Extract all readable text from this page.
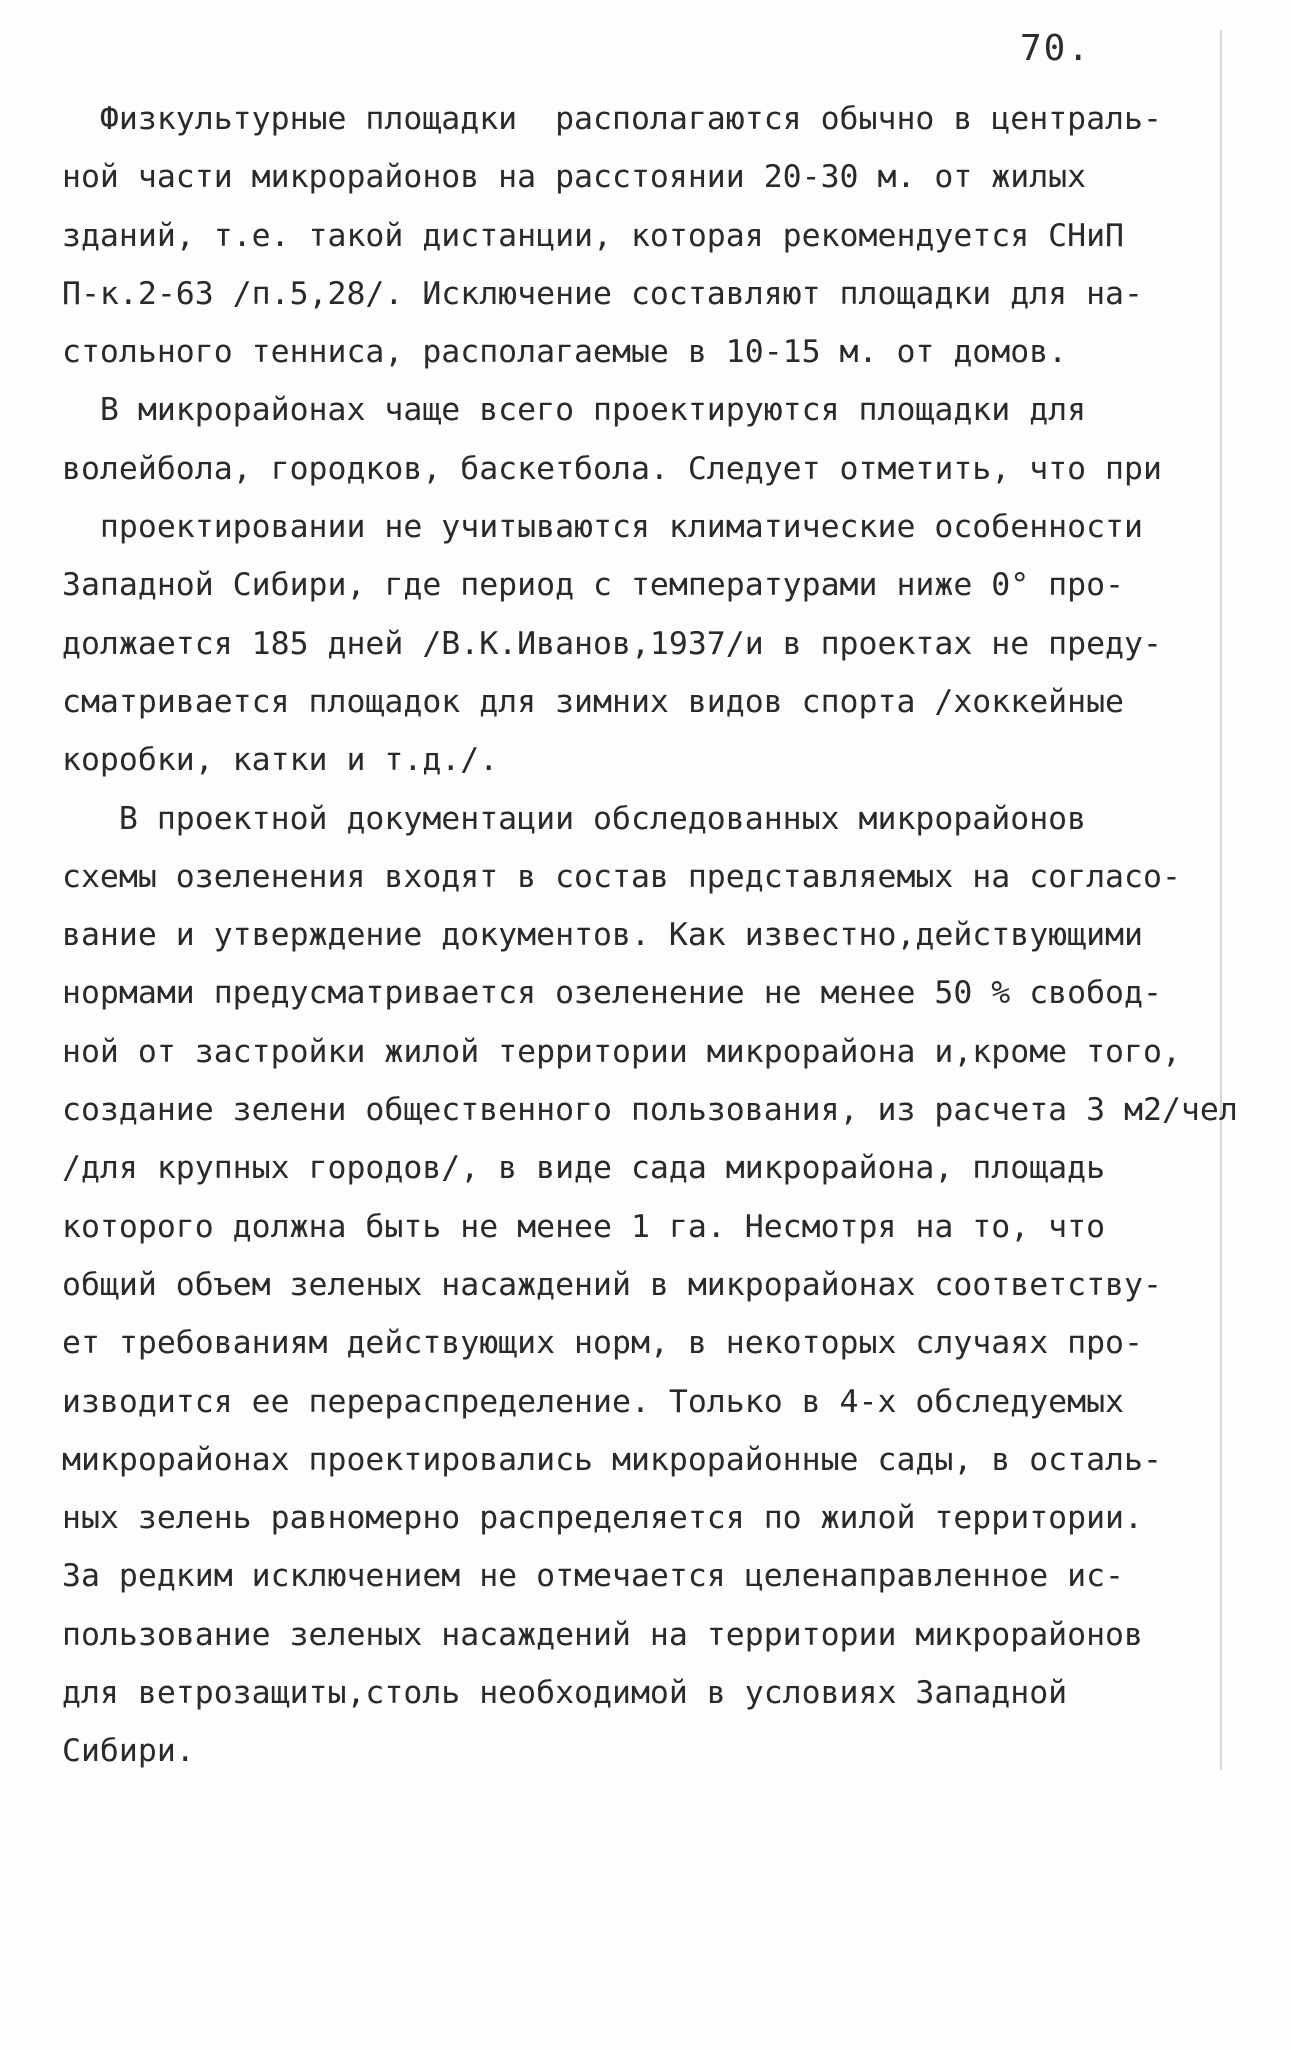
70.
Физкультурные площадки  располагаются обычно в централь-
ной части микрорайонов на расстоянии 20-30 м. от жилых
зданий, т.е. такой дистанции, которая рекомендуется СНиП
П-к.2-63 /п.5,28/. Исключение составляют площадки для на-
стольного тенниса, располагаемые в 10-15 м. от домов.
В микрорайонах чаще всего проектируются площадки для
волейбола, городков, баскетбола. Следует отметить, что при
проектировании не учитываются климатические особенности
Западной Сибири, где период с температурами ниже 0° про-
должается 185 дней /В.К.Иванов,1937/и в проектах не преду-
сматривается площадок для зимних видов спорта /хоккейные
коробки, катки и т.д./.
В проектной документации обследованных микрорайонов
схемы озеленения входят в состав представляемых на согласо-
вание и утверждение документов. Как известно,действующими
нормами предусматривается озеленение не менее 50 % свобод-
ной от застройки жилой территории микрорайона и,кроме того,
создание зелени общественного пользования, из расчета 3 м2/чел
/для крупных городов/, в виде сада микрорайона, площадь
которого должна быть не менее 1 га. Несмотря на то, что
общий объем зеленых насаждений в микрорайонах соответству-
ет требованиям действующих норм, в некоторых случаях про-
изводится ее перераспределение. Только в 4-х обследуемых
микрорайонах проектировались микрорайонные сады, в осталь-
ных зелень равномерно распределяется по жилой территории.
За редким исключением не отмечается целенаправленное ис-
пользование зеленых насаждений на территории микрорайонов
для ветрозащиты,столь необходимой в условиях Западной
Сибири.
